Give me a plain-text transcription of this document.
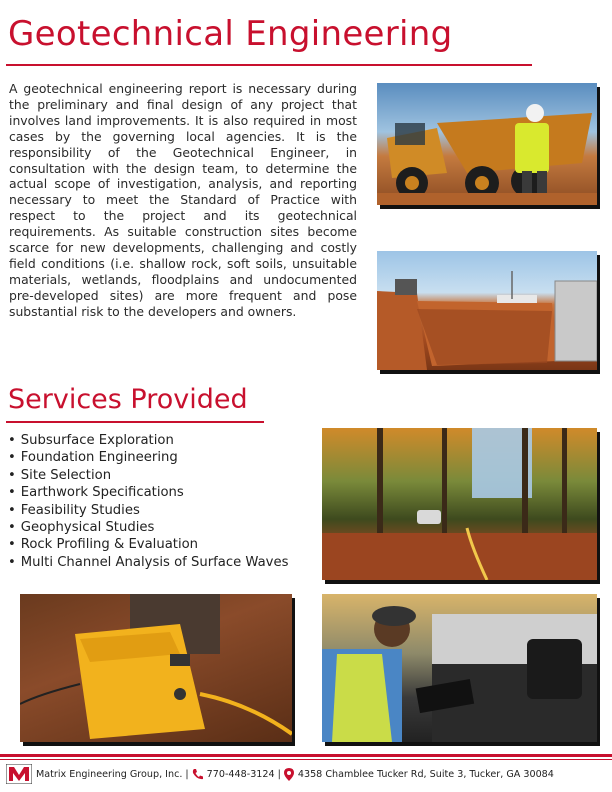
Geotechnical Engineering

A geotechnical engineering report is necessary during the preliminary and final design of any project that involves land improvements. It is also required in most cases by the governing local agencies. It is the responsibility of the Geotechnical Engineer, in consultation with the design team, to determine the actual scope of investigation, analysis, and reporting necessary to meet the Standard of Practice with respect to the project and its geotechnical requirements. As suitable construction sites become scarce for new developments, challenging and costly field conditions (i.e. shallow rock, soft soils, unsuitable materials, wetlands, floodplains and undocumented pre-developed sites) are more frequent and pose substantial risk to the developers and owners.

Services Provided
• Subsurface Exploration
• Foundation Engineering
• Site Selection
• Earthwork Specifications
• Feasibility Studies
• Geophysical Studies
• Rock Profiling & Evaluation
• Multi Channel Analysis of Surface Waves
Matrix Engineering Group, Inc. | 770-448-3124 | 4358 Chamblee Tucker Rd, Suite 3, Tucker, GA 30084
